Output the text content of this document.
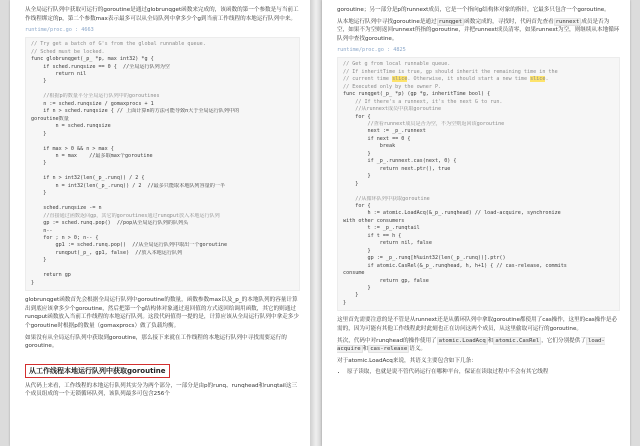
从全局运行队列中获取可运行的goroutine是通过globrunqget函数来完成的，该函数的第一个参数是与当前工作线程绑定的p，第二个参数max表示最多可以从全局队列中拿多少个g到当前工作线程的本地运行队列中来。

runtime/proc.go : 4663
// Try get a batch of G's from the global runnable queue.
// Sched must be locked.
func globrunqget(_p_ *p, max int32) *g {
if sched.runqsize == 0 {  //全局运行队列为空
return nil
}

//根据p的数量平分全局运行队列中的goroutines
n := sched.runqsize / gomaxprocs + 1
if n > sched.runqsize { // 上面计算n的方法可能导致n大于全局运行队列中的
goroutine数量
n = sched.runqsize
}

if max > 0 && n > max {
n = max    //最多取max个goroutine
}

if n > int32(len(_p_.runq)) / 2 {
n = int32(len(_p_.runq)) / 2  //最多只能取本地队列容量的一半
}

sched.runqsize -= n
//直接通过函数返回gp，其它的goroutines通过runqput放入本地运行队列
gp := sched.runq.pop()  //pop从全局运行队列的队列头
n--
for ; n > 0; n-- {
gp1 := sched.runq.pop()  //从全局运行队列中取出一个goroutine
runqput(_p_, gp1, false)  //放入本地运行队列
}

return gp
}

globrunqget函数首先会根据全局运行队列中goroutine的数量，函数参数max以及_p_的本地队列的容量计算出到底应该拿多少个goroutine，然后把第一个g结构体对象通过返回值的方式返回给调用函数，其它的则通过runqput函数放入当前工作线程的本地运行队列。这段代码值得一提的是，计算应该从全局运行队列中拿走多少个goroutine时根据p的数量（gomaxprocs）做了负载均衡。

如果没有从全局运行队列中获取到goroutine，那么接下来就在工作线程的本地运行队列中寻找需要运行的goroutine。

从工作线程本地运行队列中获取goroutine

从代码上来看，工作线程的本地运行队列其实分为两个部分，一部分是由p的runq、runqhead和runqtail这三个成员组成的一个无锁循环队列，该队列最多可包含256个

goroutine；另一部分是p的runnext成员，它是一个指向g结构体对象的指针，它最多只包含一个goroutine。

从本地运行队列中寻找goroutine是通过 runqget 函数完成的，寻找时，代码首先查看 runnext 成员是否为空，如果不为空则返回runnext所指的goroutine，并把runnext成员清零，如果runnext为空，则继续从本地循环队列中查找goroutine。

runtime/proc.go : 4825
// Get g from local runnable queue.
// If inheritTime is true, gp should inherit the remaining time in the
// current time slice. Otherwise, it should start a new time slice.
// Executed only by the owner P.
func runqget(_p_ *p) (gp *g, inheritTime bool) {
// If there's a runnext, it's the next G to run.
//从runnext成员中获取goroutine
for {
//查看runnext成员是否为空，不为空则返回该goroutine
next := _p_.runnext
if next == 0 {
break
}
if _p_.runnext.cas(next, 0) {
return next.ptr(), true
}
}

//从循环队列中获取goroutine
for {
h := atomic.LoadAcq(&_p_.runqhead) // load-acquire, synchronize
with other consumers
t := _p_.runqtail
if t == h {
return nil, false
}
gp := _p_.runq[h%uint32(len(_p_.runq))].ptr()
if atomic.CasRel(&_p_.runqhead, h, h+1) { // cas-release, commits
consume
return gp, false
}
}
}

这里首先需要注意的是不管是从runnext还是从循环队列中拿取goroutine都使用了cas操作，这里的cas操作是必需的，因为可能有其他工作线程此时此刻也正在访问这两个成员，从这里偷取可运行的goroutine。

其次，代码中对runqhead的操作使用了 atomic.LoadAcq 和 atomic.CasRel ，它们分别提供了 load-acquire 和 cas-release 语义。

对于atomic.LoadAcq来说，其语义主要包含如下几条：

• 原子读取，也就是说不管代码运行在哪种平台，保证在读取过程中不会有其它线程
